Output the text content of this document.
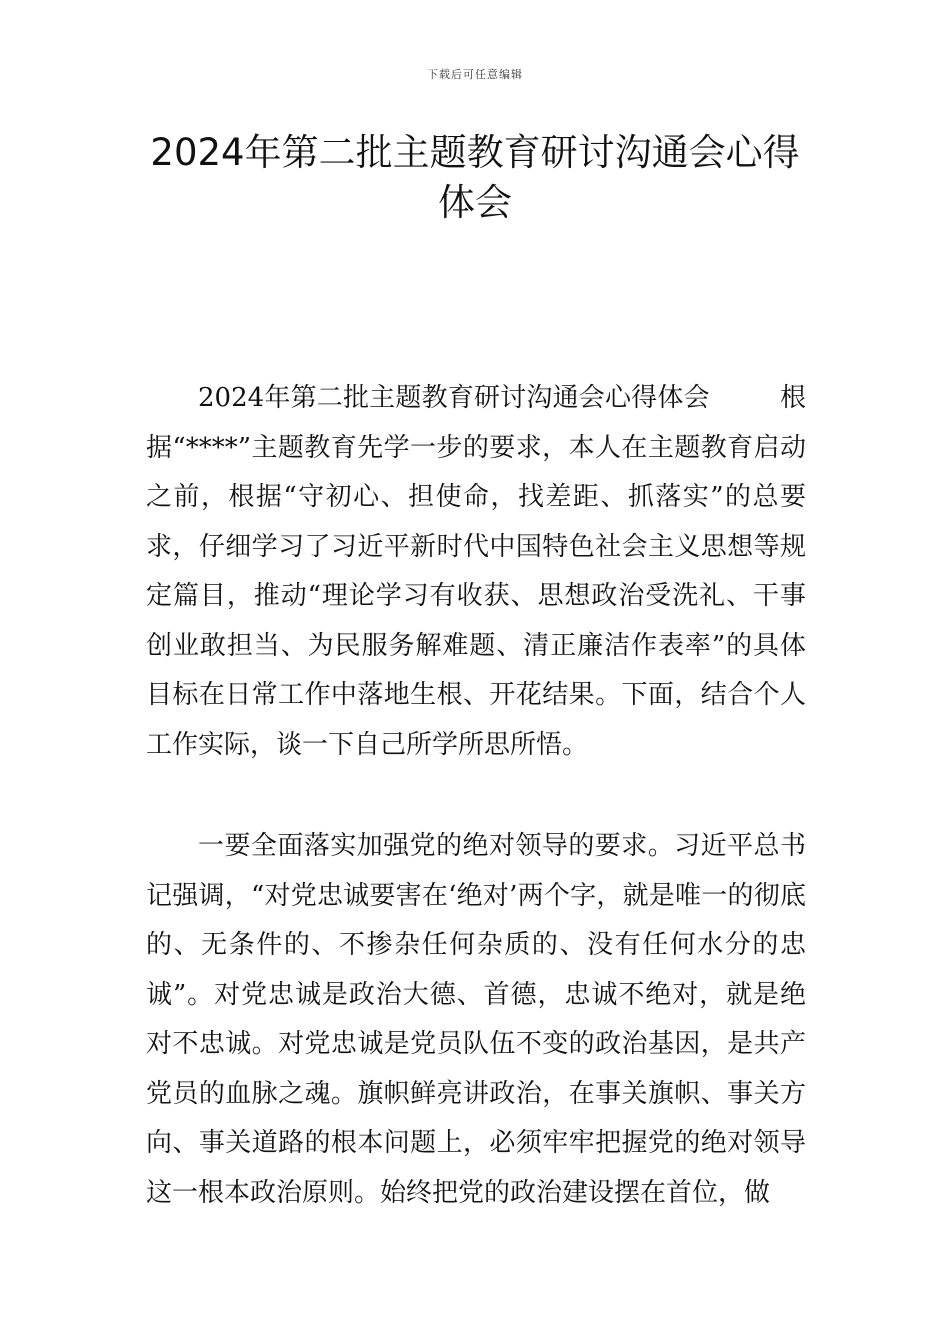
下载后可任意编辑
2024年第二批主题教育研讨沟通会心得体会

2024年第二批主题教育研讨沟通会心得体会	根据“****”主题教育先学一步的要求，本人在主题教育启动之前，根据“守初心、担使命，找差距、抓落实”的总要求，仔细学习了习近平新时代中国特色社会主义思想等规定篇目，推动“理论学习有收获、思想政治受洗礼、干事创业敢担当、为民服务解难题、清正廉洁作表率”的具体目标在日常工作中落地生根、开花结果。下面，结合个人工作实际，谈一下自己所学所思所悟。

一要全面落实加强党的绝对领导的要求。习近平总书记强调，“对党忠诚要害在‘绝对’两个字，就是唯一的彻底的、无条件的、不掺杂任何杂质的、没有任何水分的忠诚”。对党忠诚是政治大德、首德，忠诚不绝对，就是绝对不忠诚。对党忠诚是党员队伍不变的政治基因，是共产党员的血脉之魂。旗帜鲜亮讲政治，在事关旗帜、事关方向、事关道路的根本问题上，必须牢牢把握党的绝对领导这一根本政治原则。始终把党的政治建设摆在首位，做
